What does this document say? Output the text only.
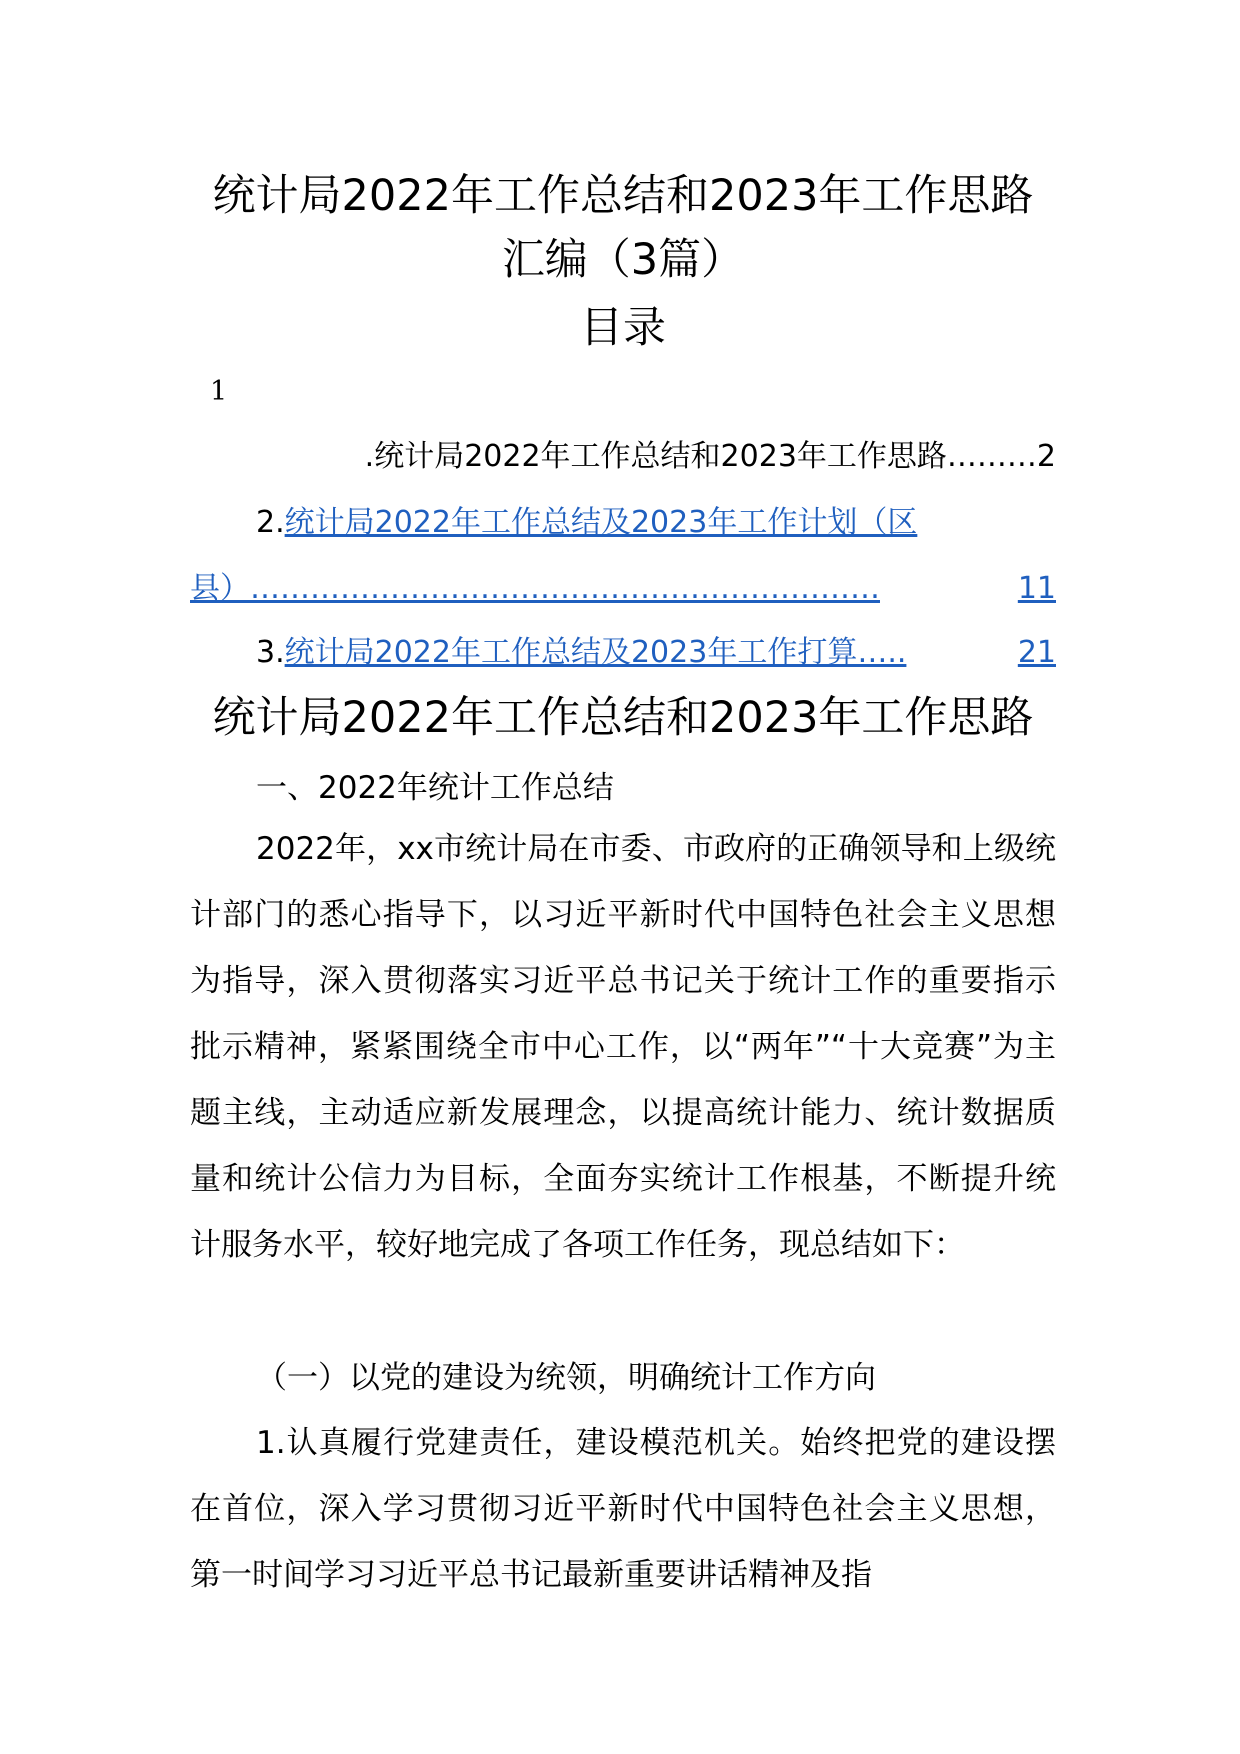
统计局2022年工作总结和2023年工作思路
汇编（3篇）
目录
1
.统计局2022年工作总结和2023年工作思路………2
2.统计局2022年工作总结及2023年工作计划（区
县）………………………………………………………	11
3.统计局2022年工作总结及2023年工作打算…..	21
统计局2022年工作总结和2023年工作思路
一、2022年统计工作总结
2022年，xx市统计局在市委、市政府的正确领导和上级统计部门的悉心指导下，以习近平新时代中国特色社会主义思想为指导，深入贯彻落实习近平总书记关于统计工作的重要指示批示精神，紧紧围绕全市中心工作，以“两年”“十大竞赛”为主题主线，主动适应新发展理念，以提高统计能力、统计数据质量和统计公信力为目标，全面夯实统计工作根基，不断提升统计服务水平，较好地完成了各项工作任务，现总结如下：
（一）以党的建设为统领，明确统计工作方向
1.认真履行党建责任，建设模范机关。始终把党的建设摆在首位，深入学习贯彻习近平新时代中国特色社会主义思想，第一时间学习习近平总书记最新重要讲话精神及指
